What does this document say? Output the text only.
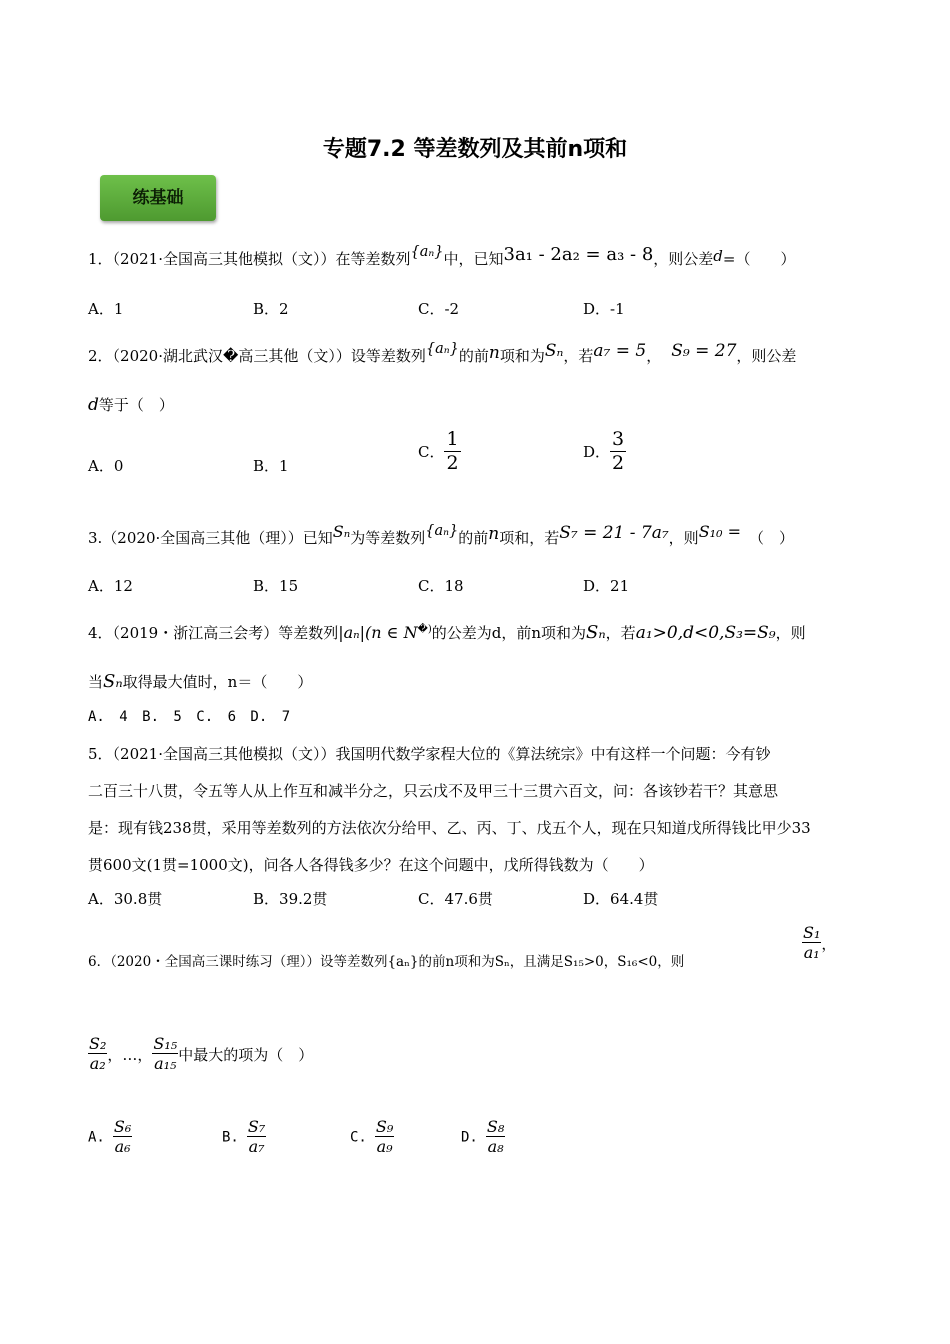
专题7.2 等差数列及其前n项和
练基础
1．（2021·全国高三其他模拟（文））在等差数列{aₙ}中，已知3a₁ - 2a₂ = a₃ - 8，则公差d=（　　）
A．1	B．2	C．-2	D．-1
2．（2020·湖北武汉�高三其他（文））设等差数列{aₙ}的前n项和为Sₙ，若a₇ = 5， S₉ = 27，则公差
d等于（　）
A．0	B．1
C． $\frac{1}{2}$	D． $\frac{3}{2}$
3.（2020·全国高三其他（理））已知Sₙ为等差数列{aₙ}的前n项和，若S₇ = 21 - 7a₇，则S₁₀ = （　）
A．12	B．15	C．18	D．21
4．（2019・浙江高三会考）等差数列|aₙ|(n ∈ N�)的公差为d，前n项和为Sₙ，若a₁>0,d<0,S₃=S₉，则
当Sₙ取得最大值时，n＝（　　）
A. 4 B. 5 C. 6 D. 7
5．（2021·全国高三其他模拟（文））我国明代数学家程大位的《算法统宗》中有这样一个问题：今有钞
二百三十八贯，令五等人从上作互和减半分之，只云戊不及甲三十三贯六百文，问：各该钞若干？其意思
是：现有钱238贯，采用等差数列的方法依次分给甲、乙、丙、丁、戊五个人，现在只知道戊所得钱比甲少33
贯600文(1贯=1000文)，问各人各得钱多少？在这个问题中，戊所得钱数为（　　）
A．30.8贯	B．39.2贯	C．47.6贯	D．64.4贯
6．（2020・全国高三课时练习（理））设等差数列{aₙ}的前n项和为Sₙ，且满足S₁₅>0，S₁₆<0，则	$\frac{\text{S₁}}{\text{a₁}}$ ，
$\frac{\text{S₂}}{\text{a₂}}$ ，…， $\frac{\text{S₁₅}}{\text{a₁₅}}$ 中最大的项为（　）
A. $\frac{\text{S₆}}{\text{a₆}}$	B. $\frac{\text{S₇}}{\text{a₇}}$	C. $\frac{\text{S₉}}{\text{a₉}}$	D. $\frac{\text{S₈}}{\text{a₈}}$
